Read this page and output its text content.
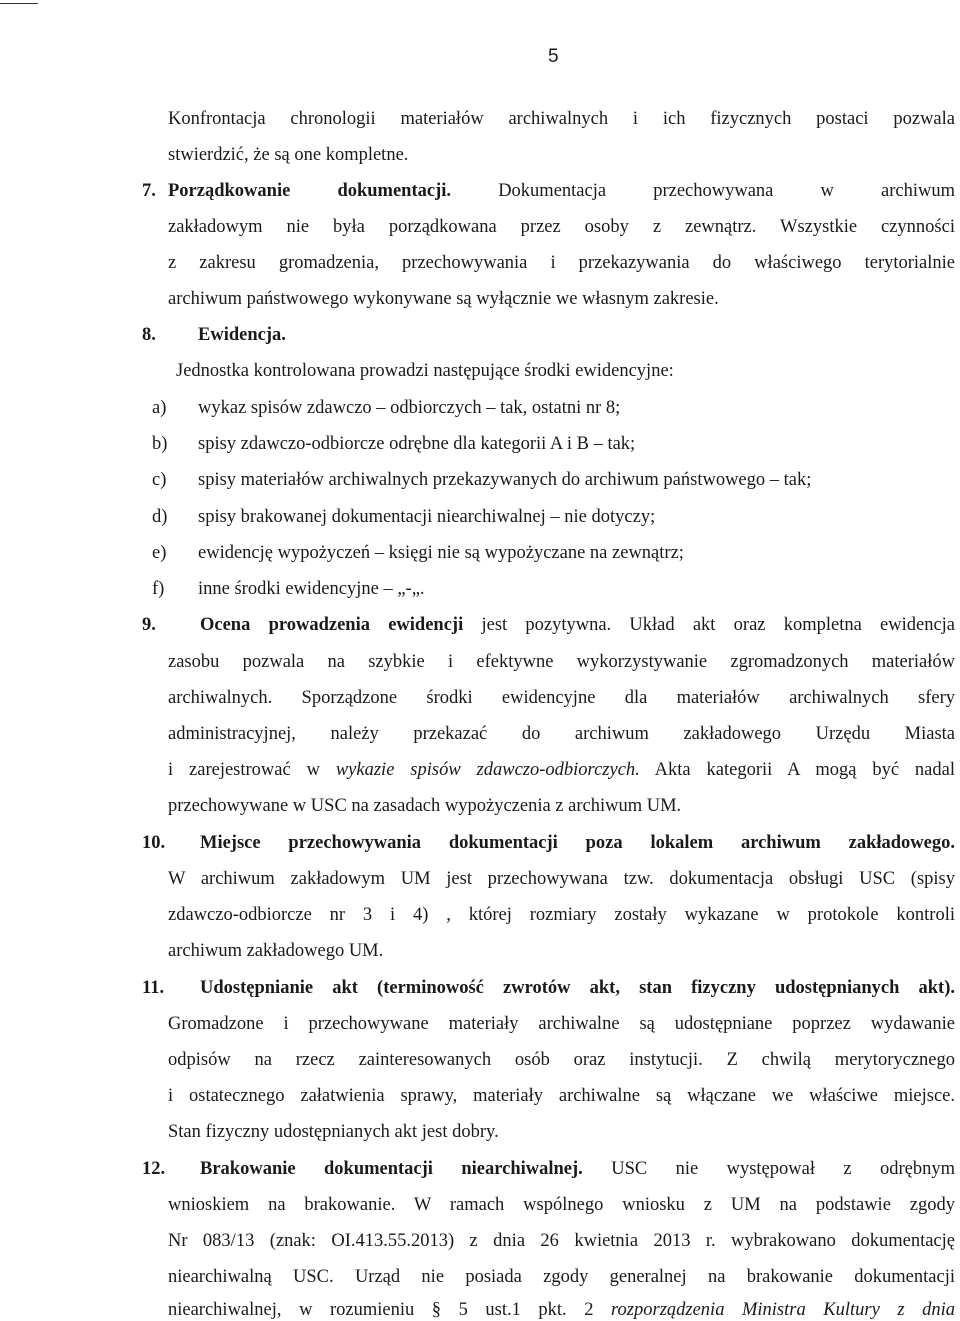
5
Konfrontacja chronologii materiałów archiwalnych i ich fizycznych postaci pozwala
stwierdzić, że są one kompletne.
7. Porządkowanie dokumentacji.	Dokumentacja przechowywana w archiwum
zakładowym nie była porządkowana przez osoby z zewnątrz. Wszystkie czynności
z zakresu gromadzenia, przechowywania i przekazywania do właściwego terytorialnie
archiwum państwowego wykonywane są wyłącznie we własnym zakresie.
8. Ewidencja.
Jednostka kontrolowana prowadzi następujące środki ewidencyjne:
a) wykaz spisów zdawczo – odbiorczych – tak, ostatni nr 8;
b) spisy zdawczo-odbiorcze odrębne dla kategorii A i B – tak;
c) spisy materiałów archiwalnych przekazywanych do archiwum państwowego – tak;
d) spisy brakowanej dokumentacji niearchiwalnej – nie dotyczy;
e) ewidencję wypożyczeń – księgi nie są wypożyczane na zewnątrz;
f) inne środki ewidencyjne – „-„.
9. Ocena prowadzenia ewidencji jest pozytywna. Układ akt oraz kompletna ewidencja
zasobu pozwala na szybkie i efektywne wykorzystywanie zgromadzonych materiałów
archiwalnych. Sporządzone środki ewidencyjne dla materiałów archiwalnych sfery
administracyjnej, należy przekazać do archiwum zakładowego Urzędu Miasta
i zarejestrować w wykazie spisów zdawczo-odbiorczych. Akta kategorii A mogą być nadal
przechowywane w USC na zasadach wypożyczenia z archiwum UM.
10. Miejsce przechowywania dokumentacji poza lokalem archiwum zakładowego.
W archiwum zakładowym UM jest przechowywana tzw. dokumentacja obsługi USC (spisy
zdawczo-odbiorcze nr 3 i 4) , której rozmiary zostały wykazane w protokole kontroli
archiwum zakładowego UM.
11. Udostępnianie akt (terminowość zwrotów akt, stan fizyczny udostępnianych akt).
Gromadzone i przechowywane materiały archiwalne są udostępniane poprzez wydawanie
odpisów na rzecz zainteresowanych osób oraz instytucji. Z chwilą merytorycznego
i ostatecznego załatwienia sprawy, materiały archiwalne są włączane we właściwe miejsce.
Stan fizyczny udostępnianych akt jest dobry.
12. Brakowanie dokumentacji niearchiwalnej. USC nie występował z odrębnym
wnioskiem na brakowanie. W ramach wspólnego wniosku z UM na podstawie zgody
Nr 083/13 (znak: OI.413.55.2013) z dnia 26 kwietnia 2013 r. wybrakowano dokumentację
niearchiwalną USC. Urząd nie posiada zgody generalnej na brakowanie dokumentacji
niearchiwalnej, w rozumieniu § 5 ust.1 pkt. 2 rozporządzenia Ministra Kultury z dnia
